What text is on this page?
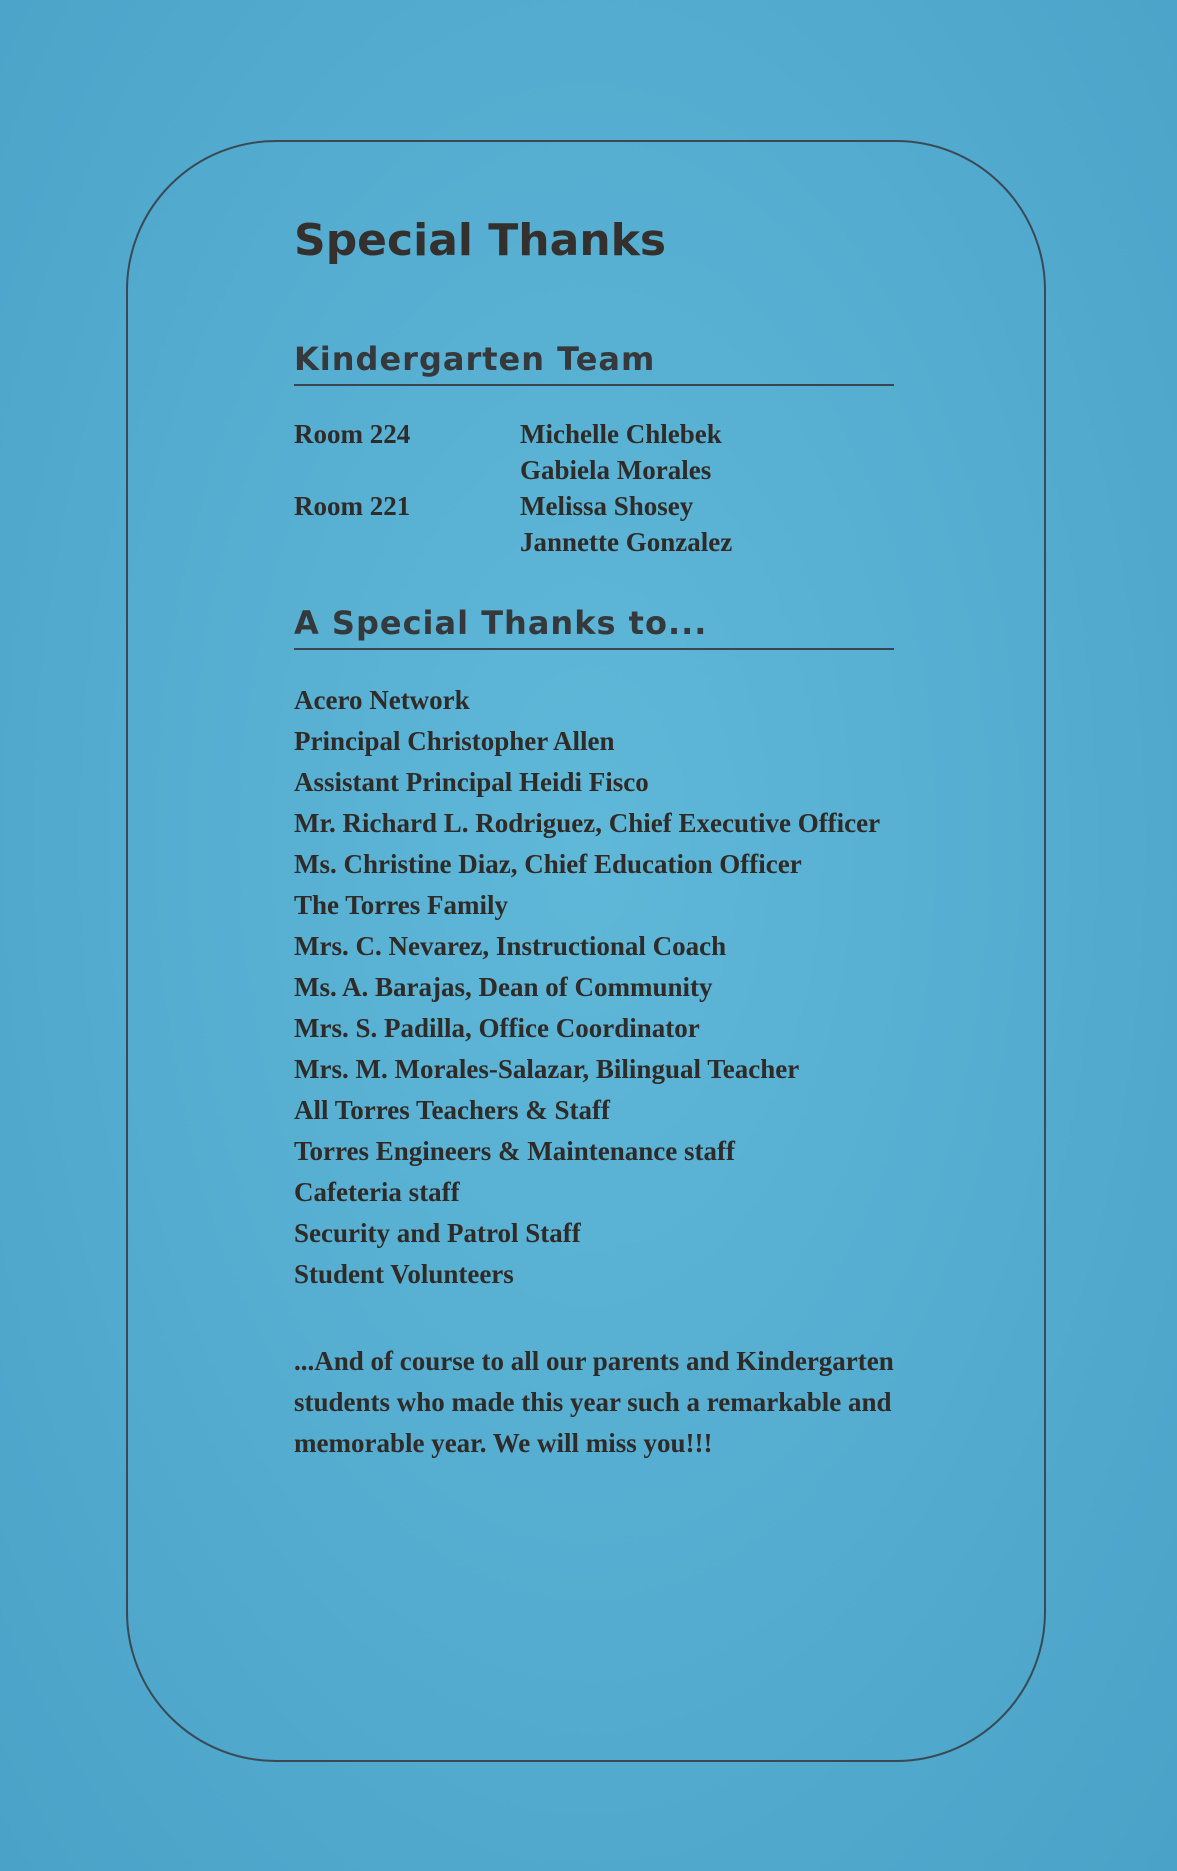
Special Thanks
Kindergarten Team
Room 224	Michelle Chlebek
Gabiela Morales
Room 221	Melissa Shosey
Jannette Gonzalez
A Special Thanks to...
Acero Network
Principal Christopher Allen
Assistant Principal Heidi Fisco
Mr. Richard L. Rodriguez, Chief Executive Officer
Ms. Christine Diaz, Chief Education Officer
The Torres Family
Mrs. C. Nevarez, Instructional Coach
Ms. A. Barajas, Dean of Community
Mrs. S. Padilla, Office Coordinator
Mrs. M. Morales-Salazar, Bilingual Teacher
All Torres Teachers & Staff
Torres Engineers & Maintenance staff
Cafeteria staff
Security and Patrol Staff
Student Volunteers

...And of course to all our parents and Kindergarten students who made this year such a remarkable and memorable year. We will miss you!!!
